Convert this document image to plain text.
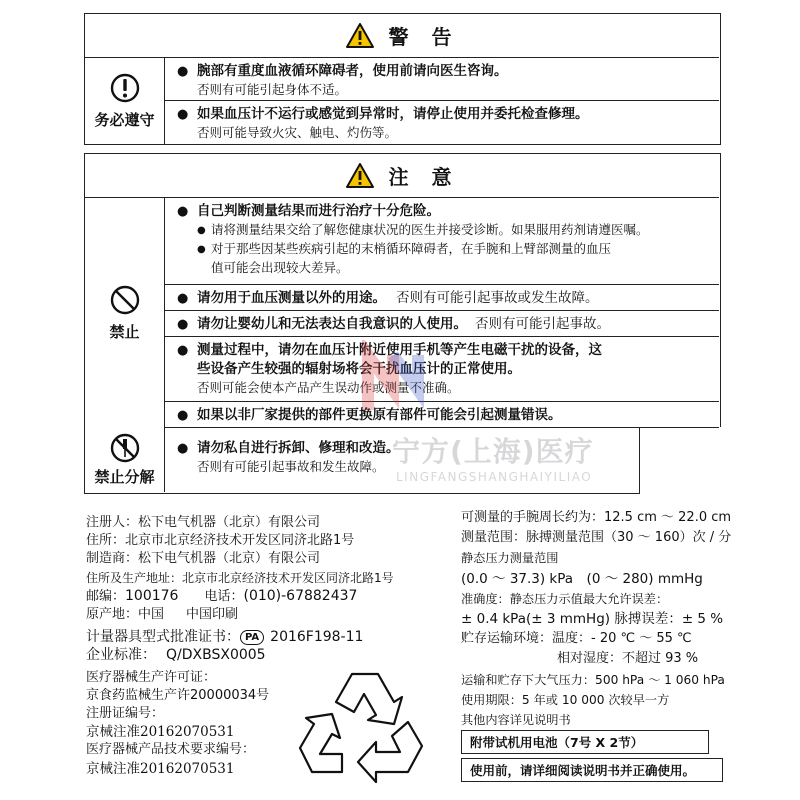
警 告
务必遵守
● 腕部有重度血液循环障碍者，使用前请向医生咨询。
否则有可能引起身体不适。
● 如果血压计不运行或感觉到异常时，请停止使用并委托检查修理。
否则可能导致火灾、触电、灼伤等。
注 意
禁止
● 自己判断测量结果而进行治疗十分危险。
● 请将测量结果交给了解您健康状况的医生并接受诊断。如果服用药剂请遵医嘱。
● 对于那些因某些疾病引起的末梢循环障碍者，在手腕和上臂部测量的血压
值可能会出现较大差异。
● 请勿用于血压测量以外的用途。 否则有可能引起事故或发生故障。
● 请勿让婴幼儿和无法表达自我意识的人使用。 否则有可能引起事故。
● 测量过程中，请勿在血压计附近使用手机等产生电磁干扰的设备，这
些设备产生较强的辐射场将会干扰血压计的正常使用。
否则可能会使本产品产生误动作或测量不准确。
● 如果以非厂家提供的部件更换原有部件可能会引起测量错误。
禁止分解
● 请勿私自进行拆卸、修理和改造。
否则有可能引起事故和发生故障。 宁方(上海)医疗
LINGFANGSHANGHAIYILIAO
注册人：松下电气机器（北京）有限公司
住所：北京市北京经济技术开发区同济北路1号
制造商：松下电气机器（北京）有限公司
住所及生产地址：北京市北京经济技术开发区同济北路1号
邮编：100176 电话：(010)-67882437
原产地：中国 中国印刷
计量器具型式批准证书： PA 2016F198-11
企业标准： Q/DXBSX0005
医疗器械生产许可证：
京食药监械生产许20000034号
注册证编号：
京械注准20162070531
医疗器械产品技术要求编号：
京械注准20162070531
可测量的手腕周长约为：12.5 cm ～ 22.0 cm
测量范围：脉搏测量范围（30 ～ 160）次 / 分
静态压力测量范围
(0.0 ～ 37.3) kPa　(0 ～ 280) mmHg
准确度：静态压力示值最大允许误差：
± 0.4 kPa(± 3 mmHg) 脉搏误差：± 5 %
贮存运输环境：温度：- 20 ℃ ～ 55 ℃
相对湿度：不超过 93 %
运输和贮存下大气压力：500 hPa ～ 1 060 hPa
使用期限：5 年或 10 000 次较早一方
其他内容详见说明书
附带试机用电池（7号 X 2节）
使用前，请详细阅读说明书并正确使用。
